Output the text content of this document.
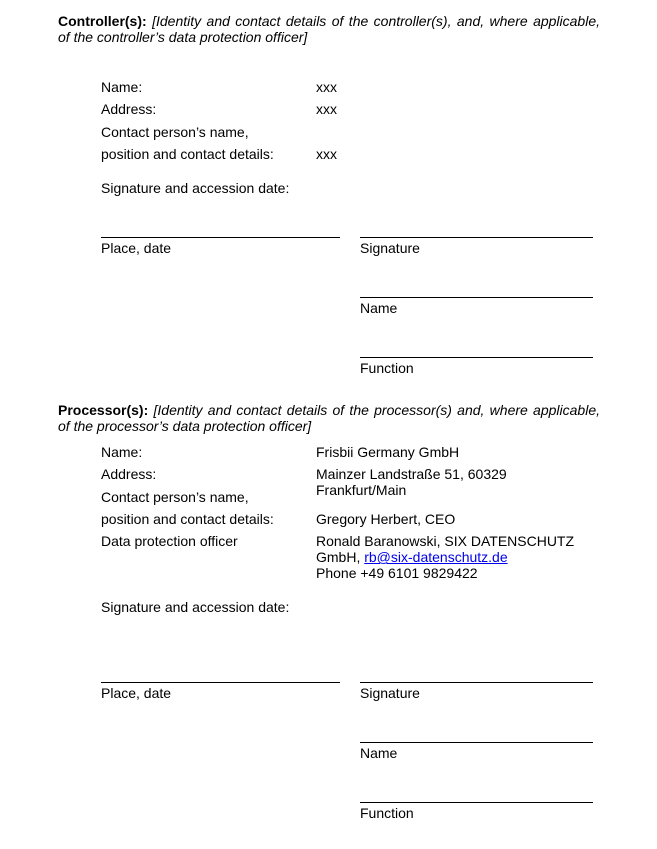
Controller(s): [Identity and contact details of the controller(s), and, where applicable, of the controller’s data protection officer]

Name:	xxx
Address:	xxx
Contact person’s name,
position and contact details:	xxx

Signature and accession date:

Place, date	Signature
Name
Function

Processor(s): [Identity and contact details of the processor(s) and, where applicable, of the processor’s data protection officer]

Name:	Frisbii Germany GmbH
Address:	Mainzer Landstraße 51, 60329 Frankfurt/Main
Contact person’s name,
position and contact details:	Gregory Herbert, CEO
Data protection officer	Ronald Baranowski, SIX DATENSCHUTZ
GmbH, rb@six-datenschutz.de
Phone +49 6101 9829422

Signature and accession date:

Place, date	Signature
Name
Function
